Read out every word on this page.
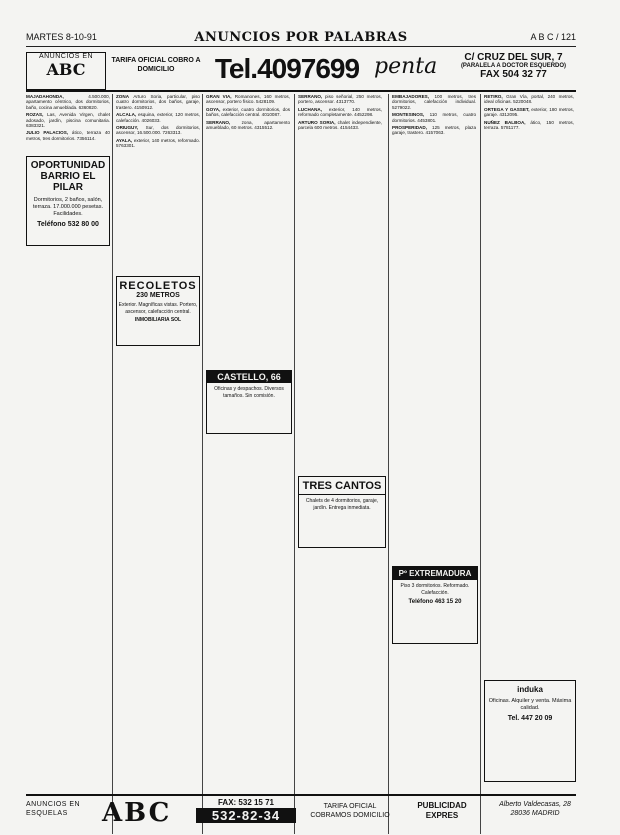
MARTES 8-10-91	ANUNCIOS POR PALABRAS	A B C / 121
ANUNCIOS EN
ABC	TARIFA OFICIAL COBRO A DOMICILIO	Tel.4097699 penta	C/ CRUZ DEL SUR, 7
(PARALELA A DOCTOR ESQUERDO)
FAX 504 32 77
MAJADAHONDA,	4.500.000, apartamento céntrico, dos dormitorios, baño, cocina amueblada. 6360820.
ROZAS, Las, Avenida Virgen, chalet adosado, jardín, piscina comunitaria. 6383321.
JULIO PALACIOS, ático, terraza 40 metros, tres dormitorios. 7356114.
ZONA Arturo Soria, particular, piso cuatro dormitorios, dos baños, garaje, trastero. 4150912.
ALCALA, esquina, exterior, 120 metros, calefacción. 4026033.
ORIUGUY, Sur, dos dormitorios, ascensor, 16.500.000. 7263313.
AYALA, exterior, 140 metros, reformado. 5763301.
GRAN VIA, Romanones, 160 metros, ascensor, portero físico. 5428109.
GOYA, exterior, cuatro dormitorios, dos baños, calefacción central. 4010087.
SERRANO, zona, apartamento amueblado, 60 metros. 4315512.
SERRANO, piso señorial, 250 metros, portero, ascensor. 4313770.
LUCHANA, exterior, 140 metros, reformado completamente. 4452298.
ARTURO SORIA, chalet independiente, parcela 600 metros. 4154433.
EMBAJADORES, 100 metros, tres dormitorios, calefacción individual. 5279022.
MONTESINOS, 110 metros, cuatro dormitorios. 4453801.
PROSPERIDAD, 125 metros, plaza garaje, trastero. 4157063.
RETIRO, Gran Vía, portal, 240 metros, ideal oficinas. 5220048.
ORTEGA Y GASSET, exterior, 180 metros, garaje. 4312095.
NUÑEZ BALBOA, ático, 150 metros, terraza. 5781177.
OPORTUNIDAD
BARRIO EL PILAR
Dormitorios, 2 baños, salón, terraza. 17.000.000 pesetas. Facilidades.
Teléfono 532 80 00
RECOLETOS
230 METROS
Exterior. Magníficas vistas. Portero, ascensor, calefacción central.
INMOBILIARIA SOL
CASTELLO, 66
Oficinas y despachos. Diversos tamaños. Sin comisión.
TRES CANTOS
Chalets de 4 dormitorios, garaje, jardín. Entrega inmediata.
Pº EXTREMADURA
Piso 3 dormitorios. Reformado. Calefacción.
Teléfono 463 15 20
induka
Oficinas. Alquiler y venta. Máxima calidad.
Tel. 447 20 09
ANUNCIOS EN ESQUELAS	ABC	FAX: 532 15 71
532-82-34
TARIFA OFICIAL COBRAMOS DOMICILIO
PUBLICIDAD EXPRES
Alberto Valdecasas, 28 28036 MADRID
